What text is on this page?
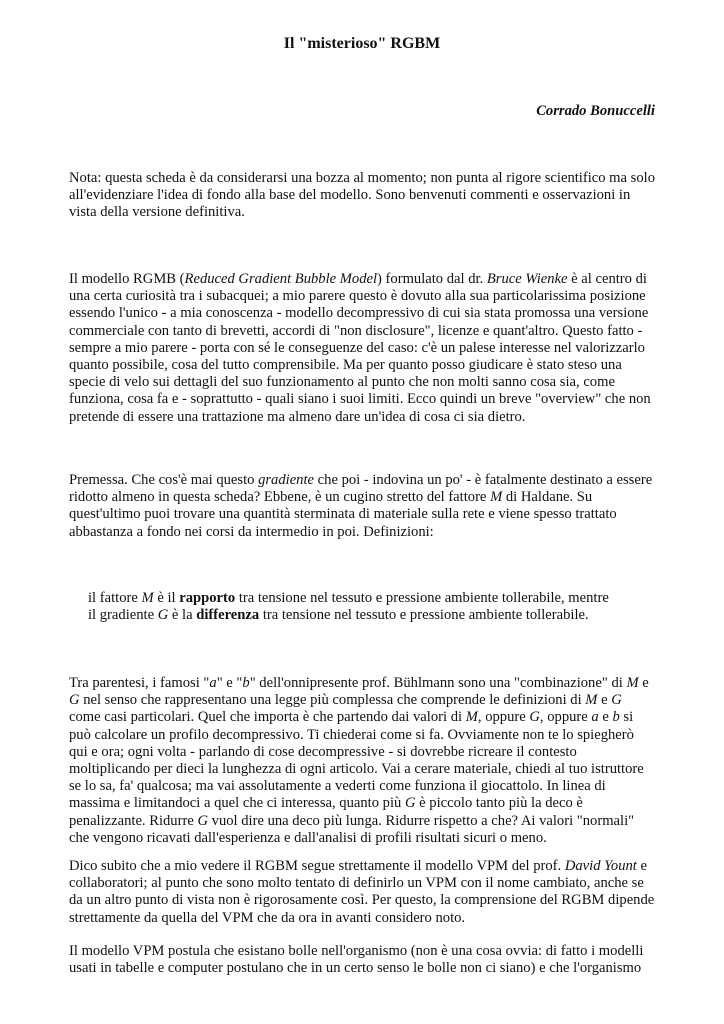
Il "misterioso" RGBM
Corrado Bonuccelli

Nota: questa scheda è da considerarsi una bozza al momento; non punta al rigore scientifico ma solo
all'evidenziare l'idea di fondo alla base del modello. Sono benvenuti commenti e osservazioni in
vista della versione definitiva.

Il modello RGMB (Reduced Gradient Bubble Model) formulato dal dr. Bruce Wienke è al centro di
una certa curiosità tra i subacquei; a mio parere questo è dovuto alla sua particolarissima posizione
essendo l'unico - a mia conoscenza - modello decompressivo di cui sia stata promossa una versione
commerciale con tanto di brevetti, accordi di "non disclosure", licenze e quant'altro. Questo fatto -
sempre a mio parere - porta con sé le conseguenze del caso: c'è un palese interesse nel valorizzarlo
quanto possibile, cosa del tutto comprensibile. Ma per quanto posso giudicare è stato steso una
specie di velo sui dettagli del suo funzionamento al punto che non molti sanno cosa sia, come
funziona, cosa fa e - soprattutto - quali siano i suoi limiti. Ecco quindi un breve "overview" che non
pretende di essere una trattazione ma almeno dare un'idea di cosa ci sia dietro.

Premessa. Che cos'è mai questo gradiente che poi - indovina un po' - è fatalmente destinato a essere
ridotto almeno in questa scheda? Ebbene, è un cugino stretto del fattore M di Haldane. Su
quest'ultimo puoi trovare una quantità sterminata di materiale sulla rete e viene spesso trattato
abbastanza a fondo nei corsi da intermedio in poi. Definizioni:

il fattore M è il rapporto tra tensione nel tessuto e pressione ambiente tollerabile, mentre
il gradiente G è la differenza tra tensione nel tessuto e pressione ambiente tollerabile.

Tra parentesi, i famosi "a" e "b" dell'onnipresente prof. Bühlmann sono una "combinazione" di M e
G nel senso che rappresentano una legge più complessa che comprende le definizioni di M e G
come casi particolari. Quel che importa è che partendo dai valori di M, oppure G, oppure a e b si
può calcolare un profilo decompressivo. Ti chiederai come si fa. Ovviamente non te lo spiegherò
qui e ora; ogni volta - parlando di cose decompressive - si dovrebbe ricreare il contesto
moltiplicando per dieci la lunghezza di ogni articolo. Vai a cerare materiale, chiedi al tuo istruttore
se lo sa, fa' qualcosa; ma vai assolutamente a vederti come funziona il giocattolo. In linea di
massima e limitandoci a quel che ci interessa, quanto più G è piccolo tanto più la deco è
penalizzante. Ridurre G vuol dire una deco più lunga. Ridurre rispetto a che? Ai valori "normali"
che vengono ricavati dall'esperienza e dall'analisi di profili risultati sicuri o meno.

Dico subito che a mio vedere il RGBM segue strettamente il modello VPM del prof. David Yount e
collaboratori; al punto che sono molto tentato di definirlo un VPM con il nome cambiato, anche se
da un altro punto di vista non è rigorosamente così. Per questo, la comprensione del RGBM dipende
strettamente da quella del VPM che da ora in avanti considero noto.

Il modello VPM postula che esistano bolle nell'organismo (non è una cosa ovvia: di fatto i modelli
usati in tabelle e computer postulano che in un certo senso le bolle non ci siano) e che l'organismo
